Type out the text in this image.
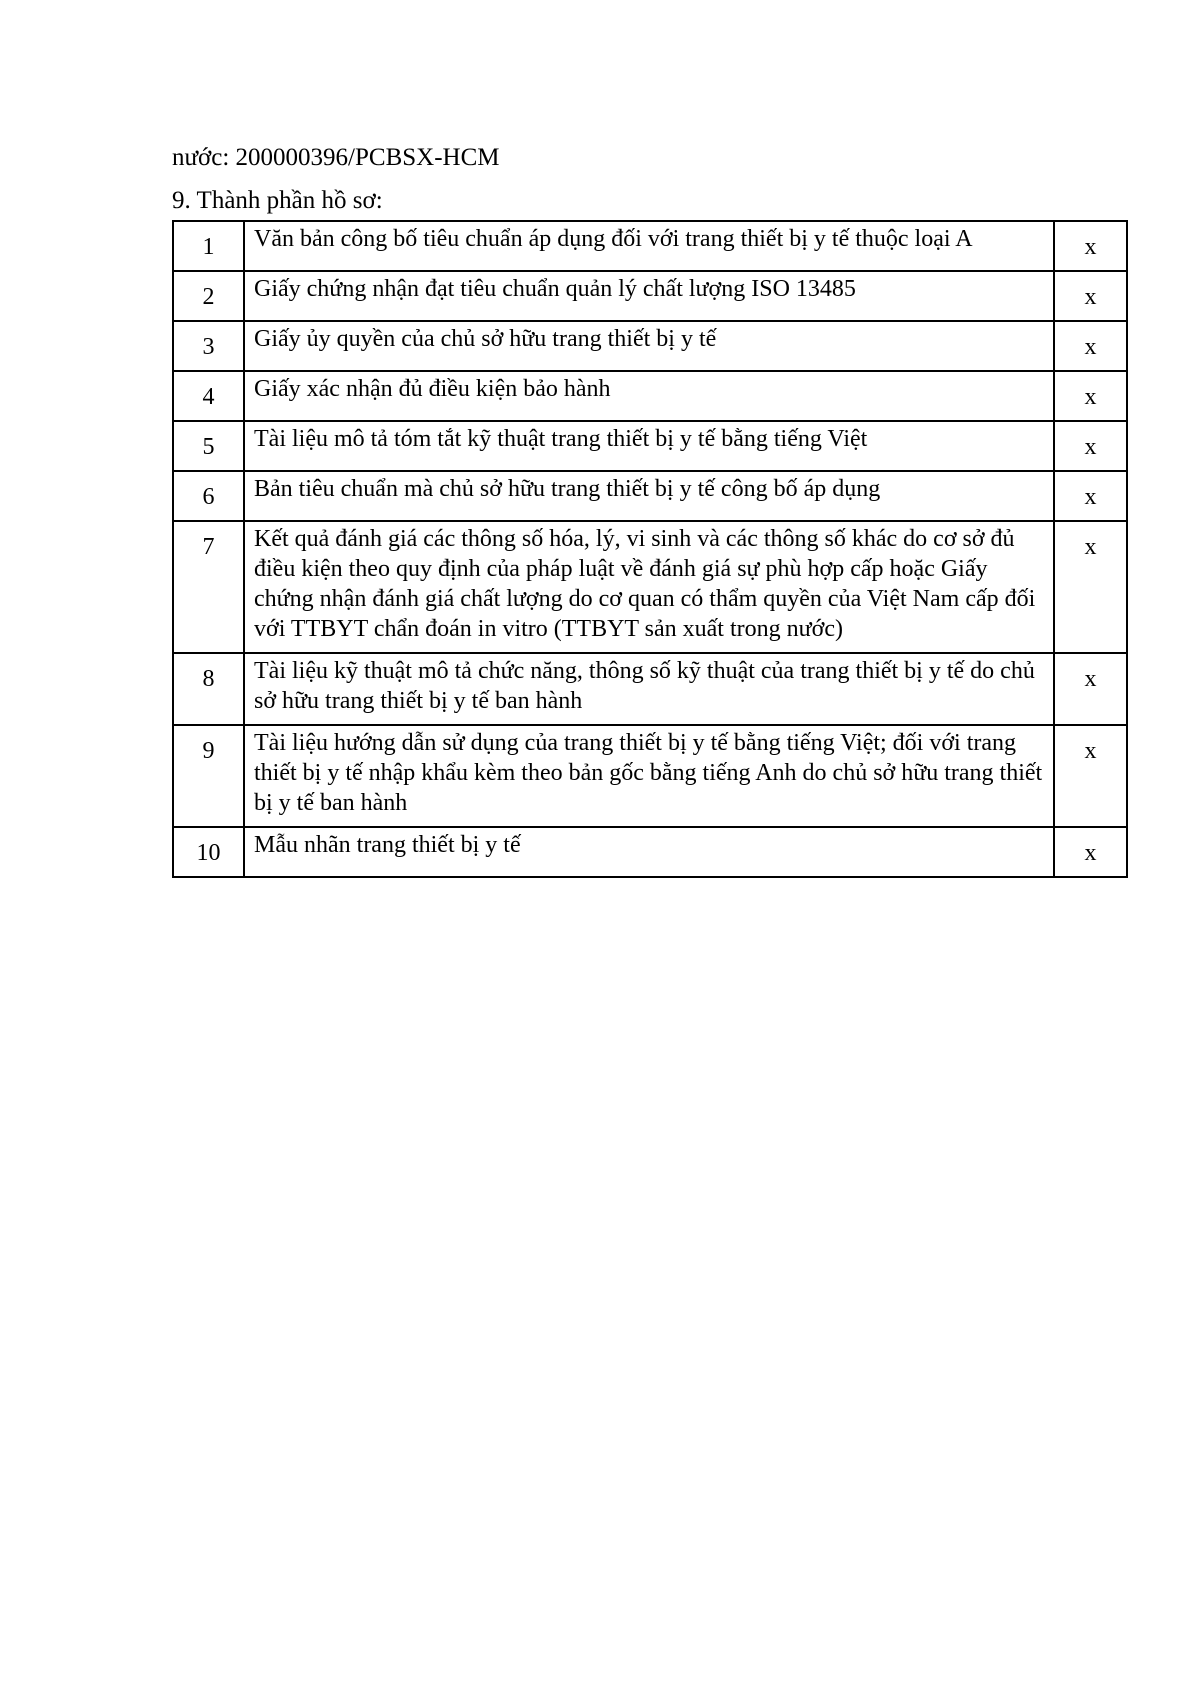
nước: 200000396/PCBSX-HCM
9. Thành phần hồ sơ:
1	Văn bản công bố tiêu chuẩn áp dụng đối với trang thiết bị y tế thuộc loại A	x
2	Giấy chứng nhận đạt tiêu chuẩn quản lý chất lượng ISO 13485	x
3	Giấy ủy quyền của chủ sở hữu trang thiết bị y tế	x
4	Giấy xác nhận đủ điều kiện bảo hành	x
5	Tài liệu mô tả tóm tắt kỹ thuật trang thiết bị y tế bằng tiếng Việt	x
6	Bản tiêu chuẩn mà chủ sở hữu trang thiết bị y tế công bố áp dụng	x
7	Kết quả đánh giá các thông số hóa, lý, vi sinh và các thông số khác do cơ sở đủ điều kiện theo quy định của pháp luật về đánh giá sự phù hợp cấp hoặc Giấy chứng nhận đánh giá chất lượng do cơ quan có thẩm quyền của Việt Nam cấp đối với TTBYT chẩn đoán in vitro (TTBYT sản xuất trong nước)	x
8	Tài liệu kỹ thuật mô tả chức năng, thông số kỹ thuật của trang thiết bị y tế do chủ sở hữu trang thiết bị y tế ban hành	x
9	Tài liệu hướng dẫn sử dụng của trang thiết bị y tế bằng tiếng Việt; đối với trang thiết bị y tế nhập khẩu kèm theo bản gốc bằng tiếng Anh do chủ sở hữu trang thiết bị y tế ban hành	x
10	Mẫu nhãn trang thiết bị y tế	x
